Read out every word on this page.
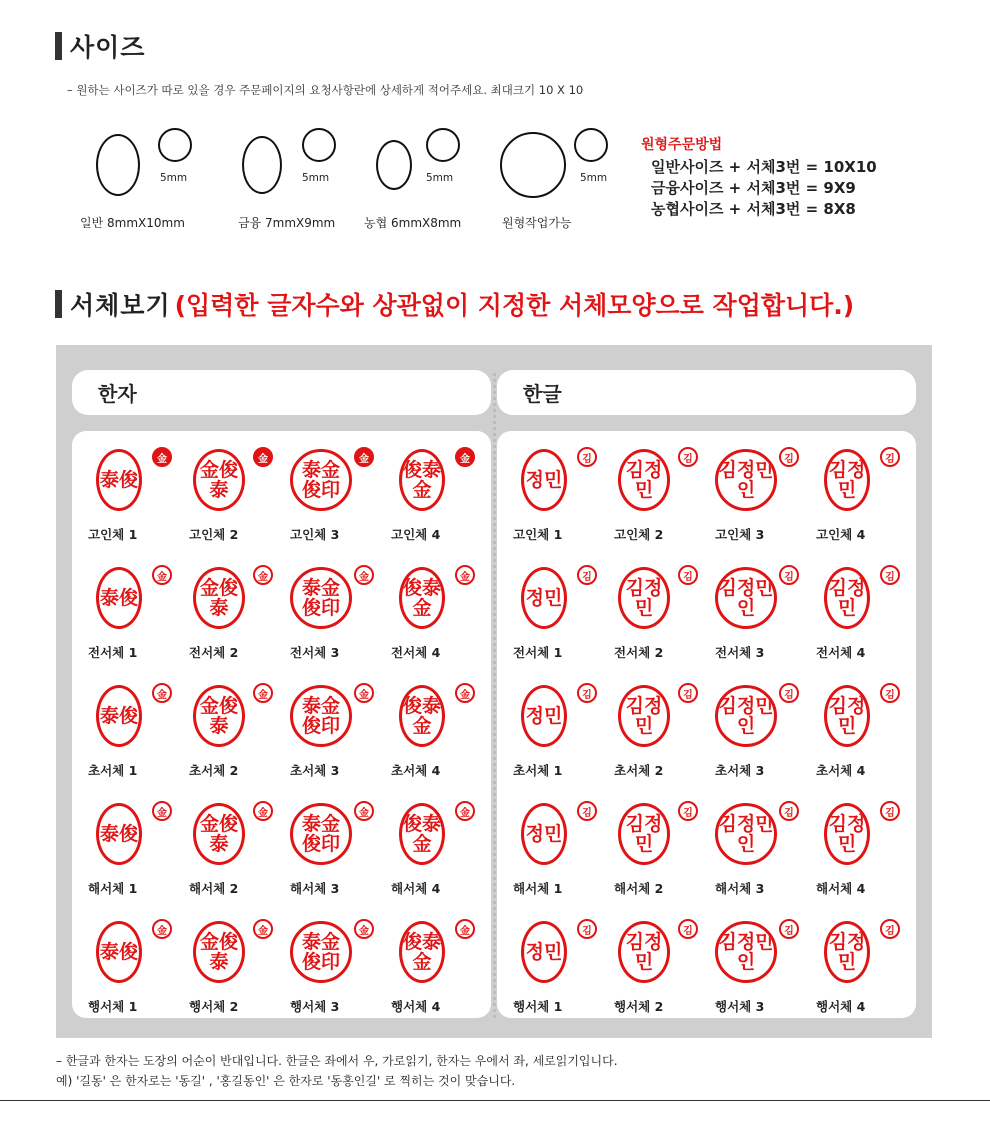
사이즈
– 원하는 사이즈가 따로 있을 경우 주문페이지의 요청사항란에 상세하게 적어주세요. 최대크기 10 X 10
5mm
일반 8mmX10mm
5mm
금융 7mmX9mm
5mm
농협 6mmX8mm
5mm
원형작업가능
원형주문방법
일반사이즈 + 서체3번 = 10X10
금융사이즈 + 서체3번 = 9X9
농협사이즈 + 서체3번 = 8X8
서체보기 (입력한 글자수와 상관없이 지정한 서체모양으로 작업합니다.)
한자	한글
泰俊
金
고인체 1
金俊泰
金
고인체 2
泰金俊印
金
고인체 3
俊泰金
金
고인체 4
泰俊
金
전서체 1
金俊泰
金
전서체 2
泰金俊印
金
전서체 3
俊泰金
金
전서체 4
泰俊
金
초서체 1
金俊泰
金
초서체 2
泰金俊印
金
초서체 3
俊泰金
金
초서체 4
泰俊
金
해서체 1
金俊泰
金
해서체 2
泰金俊印
金
해서체 3
俊泰金
金
해서체 4
泰俊
金
행서체 1
金俊泰
金
행서체 2
泰金俊印
金
행서체 3
俊泰金
金
행서체 4
정민
김
고인체 1
김정민
김
고인체 2
김정민인
김
고인체 3
김정민
김
고인체 4
정민
김
전서체 1
김정민
김
전서체 2
김정민인
김
전서체 3
김정민
김
전서체 4
정민
김
초서체 1
김정민
김
초서체 2
김정민인
김
초서체 3
김정민
김
초서체 4
정민
김
해서체 1
김정민
김
해서체 2
김정민인
김
해서체 3
김정민
김
해서체 4
정민
김
행서체 1
김정민
김
행서체 2
김정민인
김
행서체 3
김정민
김
행서체 4
– 한글과 한자는 도장의 어순이 반대입니다. 한글은 좌에서 우, 가로읽기, 한자는 우에서 좌, 세로읽기입니다.
예) '길동' 은 한자로는 '동길' , '홍길동인' 은 한자로 '동홍인길' 로 찍히는 것이 맞습니다.
